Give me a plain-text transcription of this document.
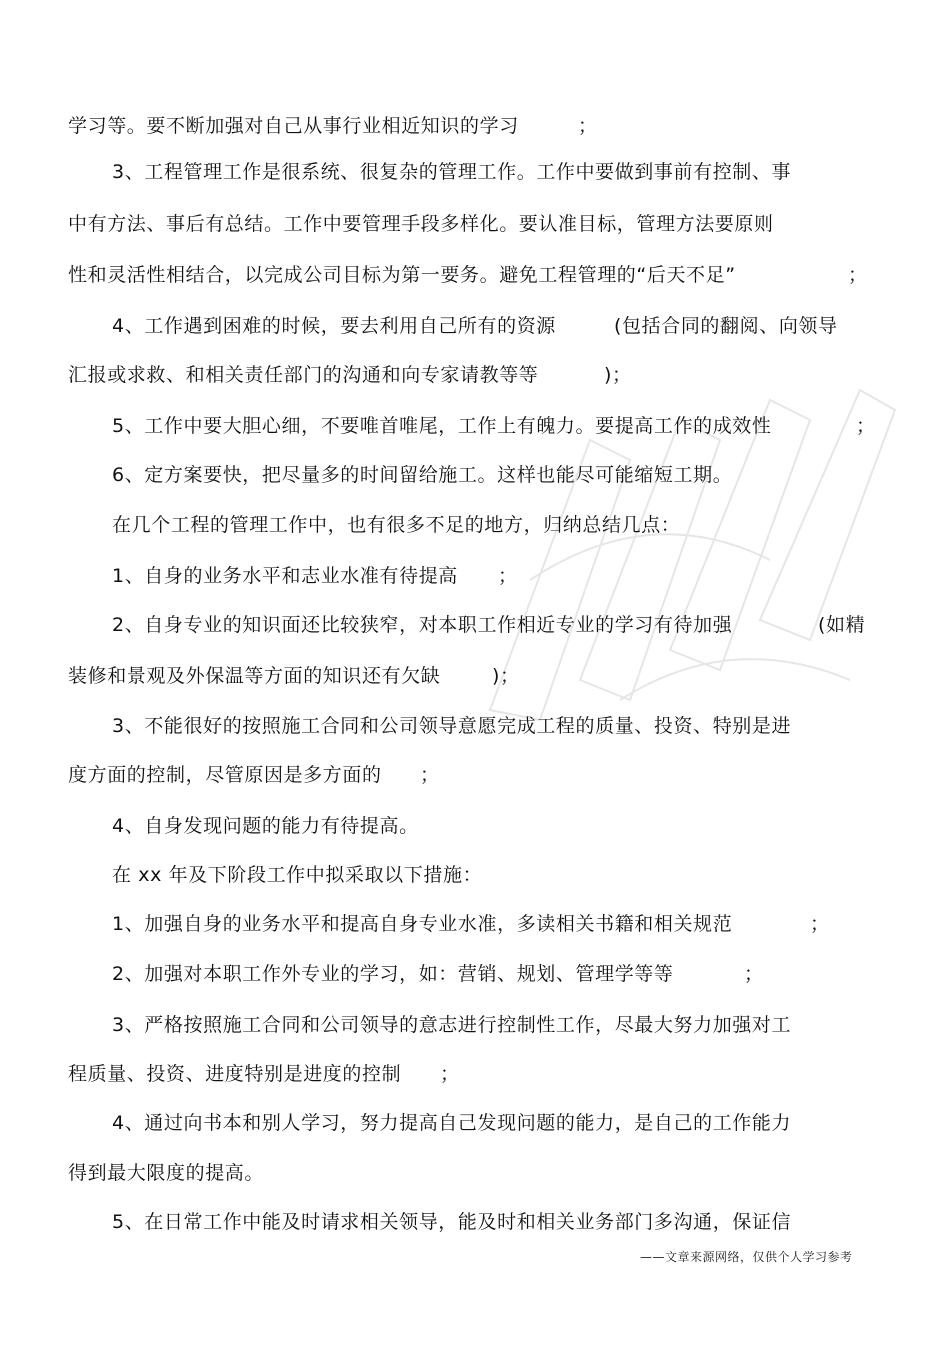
学习等。要不断加强对自己从事行业相近知识的学习	；
3、工程管理工作是很系统、很复杂的管理工作。工作中要做到事前有控制、事
中有方法、事后有总结。工作中要管理手段多样化。要认准目标，管理方法要原则
性和灵活性相结合，以完成公司目标为第一要务。避免工程管理的“后天不足”	；
4、工作遇到困难的时候，要去利用自己所有的资源	(包括合同的翻阅、向领导
汇报或求救、和相关责任部门的沟通和向专家请教等等	)；
5、工作中要大胆心细，不要唯首唯尾，工作上有魄力。要提高工作的成效性	；
6、定方案要快，把尽量多的时间留给施工。这样也能尽可能缩短工期。
在几个工程的管理工作中，也有很多不足的地方，归纳总结几点：
1、自身的业务水平和志业水准有待提高 ；
2、自身专业的知识面还比较狭窄，对本职工作相近专业的学习有待加强	(如精
装修和景观及外保温等方面的知识还有欠缺	)；
3、不能很好的按照施工合同和公司领导意愿完成工程的质量、投资、特别是进
度方面的控制，尽管原因是多方面的 ；
4、自身发现问题的能力有待提高。
在 xx 年及下阶段工作中拟采取以下措施：
1、加强自身的业务水平和提高自身专业水准，多读相关书籍和相关规范	；
2、加强对本职工作外专业的学习，如：营销、规划、管理学等等	；
3、严格按照施工合同和公司领导的意志进行控制性工作，尽最大努力加强对工
程质量、投资、进度特别是进度的控制 ；
4、通过向书本和别人学习，努力提高自己发现问题的能力，是自己的工作能力
得到最大限度的提高。
5、在日常工作中能及时请求相关领导，能及时和相关业务部门多沟通，保证信
——文章来源网络，仅供个人学习参考
